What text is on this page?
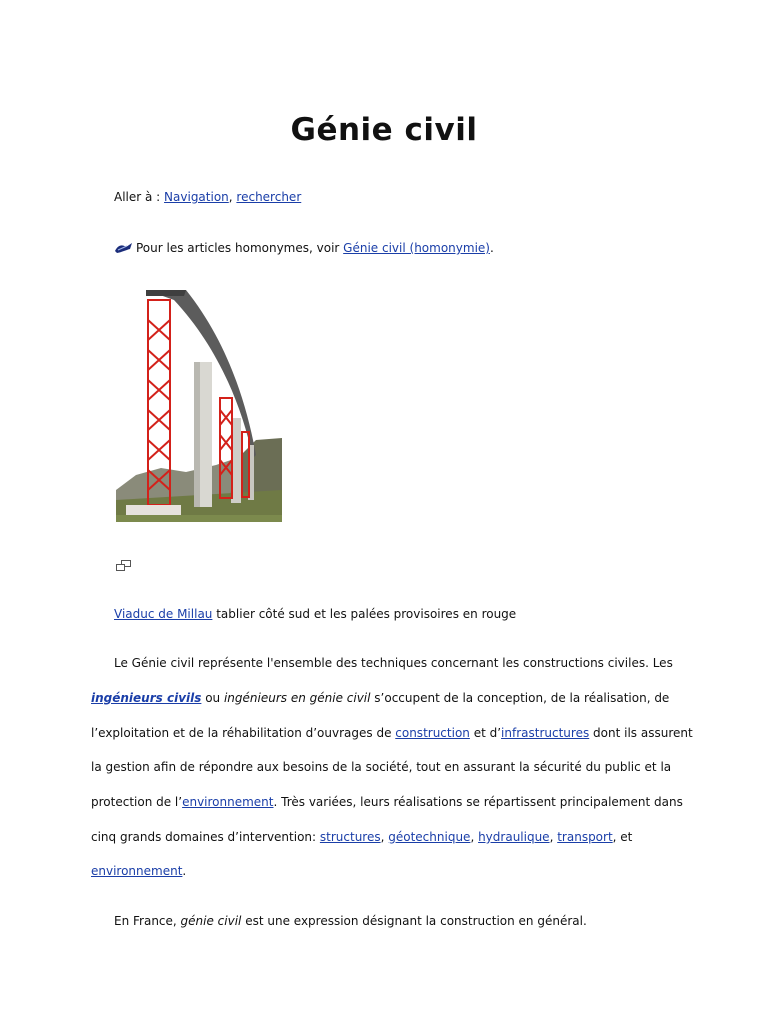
Génie civil
Aller à : Navigation, rechercher
Pour les articles homonymes, voir Génie civil (homonymie).
Viaduc de Millau tablier côté sud et les palées provisoires en rouge
Le Génie civil représente l'ensemble des techniques concernant les constructions civiles. Les
ingénieurs civils ou ingénieurs en génie civil s’occupent de la conception, de la réalisation, de
l’exploitation et de la réhabilitation d’ouvrages de construction et d’infrastructures dont ils assurent
la gestion afin de répondre aux besoins de la société, tout en assurant la sécurité du public et la
protection de l’environnement. Très variées, leurs réalisations se répartissent principalement dans
cinq grands domaines d’intervention: structures, géotechnique, hydraulique, transport, et
environnement.
En France, génie civil est une expression désignant la construction en général.
